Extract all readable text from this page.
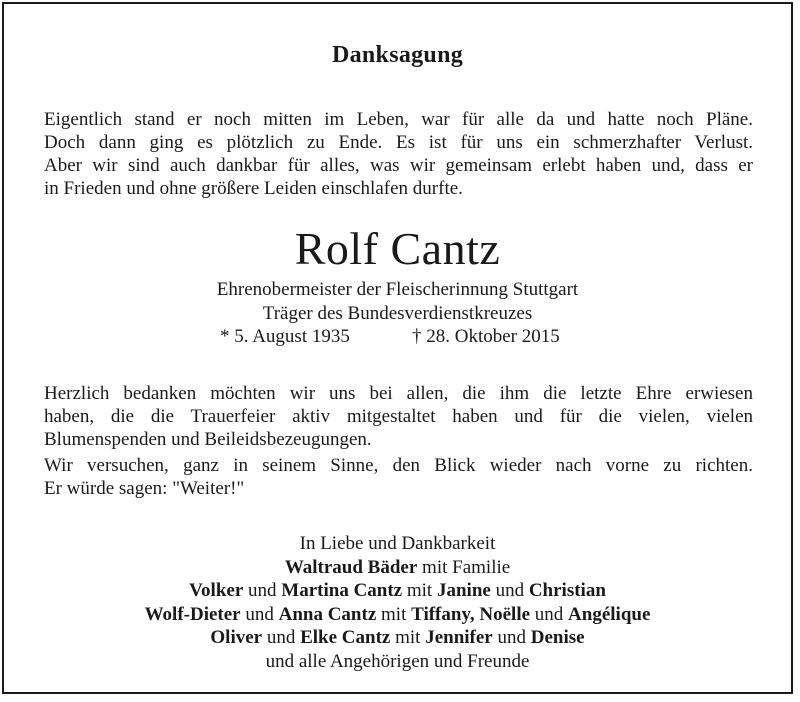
Danksagung
Eigentlich stand er noch mitten im Leben, war für alle da und hatte noch Pläne.
Doch dann ging es plötzlich zu Ende. Es ist für uns ein schmerzhafter Verlust.
Aber wir sind auch dankbar für alles, was wir gemeinsam erlebt haben und, dass er
in Frieden und ohne größere Leiden einschlafen durfte.
Rolf Cantz
Ehrenobermeister der Fleischerinnung Stuttgart
Träger des Bundesverdienstkreuzes
* 5. August 1935	† 28. Oktober 2015
Herzlich bedanken möchten wir uns bei allen, die ihm die letzte Ehre erwiesen
haben, die die Trauerfeier aktiv mitgestaltet haben und für die vielen, vielen
Blumenspenden und Beileidsbezeugungen.
Wir versuchen, ganz in seinem Sinne, den Blick wieder nach vorne zu richten.
Er würde sagen: "Weiter!"
In Liebe und Dankbarkeit
Waltraud Bäder mit Familie
Volker und Martina Cantz mit Janine und Christian
Wolf-Dieter und Anna Cantz mit Tiffany, Noëlle und Angélique
Oliver und Elke Cantz mit Jennifer und Denise
und alle Angehörigen und Freunde
